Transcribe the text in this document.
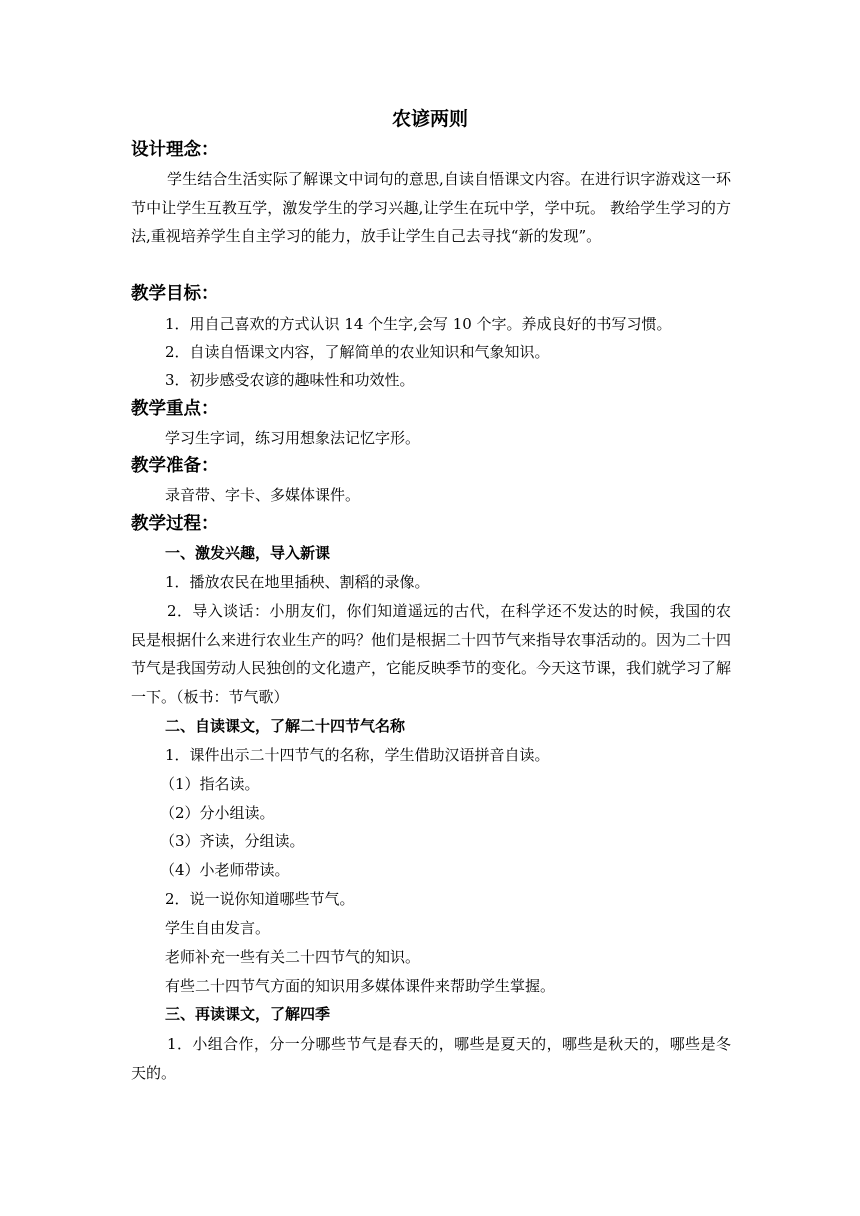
农谚两则
设计理念：
学生结合生活实际了解课文中词句的意思,自读自悟课文内容。在进行识字游戏这一环节中让学生互教互学，激发学生的学习兴趣,让学生在玩中学，学中玩。 教给学生学习的方法,重视培养学生自主学习的能力，放手让学生自己去寻找“新的发现”。
教学目标：
1．用自己喜欢的方式认识 14 个生字,会写 10 个字。养成良好的书写习惯。
2．自读自悟课文内容，了解简单的农业知识和气象知识。
3．初步感受农谚的趣味性和功效性。
教学重点：
学习生字词，练习用想象法记忆字形。
教学准备：
录音带、字卡、多媒体课件。
教学过程：
一、激发兴趣，导入新课
1．播放农民在地里插秧、割稻的录像。
2．导入谈话：小朋友们，你们知道遥远的古代，在科学还不发达的时候，我国的农民是根据什么来进行农业生产的吗？他们是根据二十四节气来指导农事活动的。因为二十四节气是我国劳动人民独创的文化遗产，它能反映季节的变化。今天这节课，我们就学习了解一下。（板书：节气歌）
二、自读课文，了解二十四节气名称
1．课件出示二十四节气的名称，学生借助汉语拼音自读。
（1）指名读。
（2）分小组读。
（3）齐读，分组读。
（4）小老师带读。
2．说一说你知道哪些节气。
学生自由发言。
老师补充一些有关二十四节气的知识。
有些二十四节气方面的知识用多媒体课件来帮助学生掌握。
三、再读课文，了解四季
1．小组合作，分一分哪些节气是春天的，哪些是夏天的，哪些是秋天的，哪些是冬天的。
